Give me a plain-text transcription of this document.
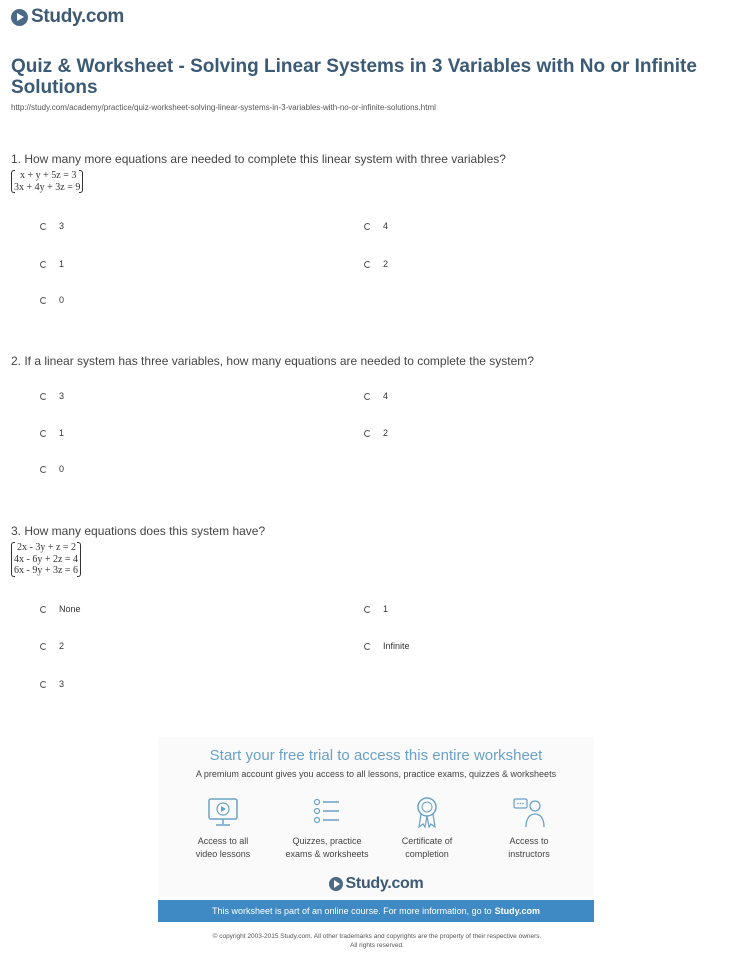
Study.com
Quiz & Worksheet - Solving Linear Systems in 3 Variables with No or Infinite Solutions
http://study.com/academy/practice/quiz-worksheet-solving-linear-systems-in-3-variables-with-no-or-infinite-solutions.html
1. How many more equations are needed to complete this linear system with three variables?
x + y + 5z = 3
3x + 4y + 3z = 9
3	4
1	2
0
2. If a linear system has three variables, how many equations are needed to complete the system?
3	4
1	2
0
3. How many equations does this system have?
2x - 3y + z = 2
4x - 6y + 2z = 4
6x - 9y + 3z = 6
None	1
2	Infinite
3
Start your free trial to access this entire worksheet
A premium account gives you access to all lessons, practice exams, quizzes & worksheets
Access to all
video lessons
Quizzes, practice
exams & worksheets
Certificate of
completion
Access to
instructors
Study.com
This worksheet is part of an online course. For more information, go to Study.com
© copyright 2003-2015 Study.com. All other trademarks and copyrights are the property of their respective owners.
All rights reserved.
